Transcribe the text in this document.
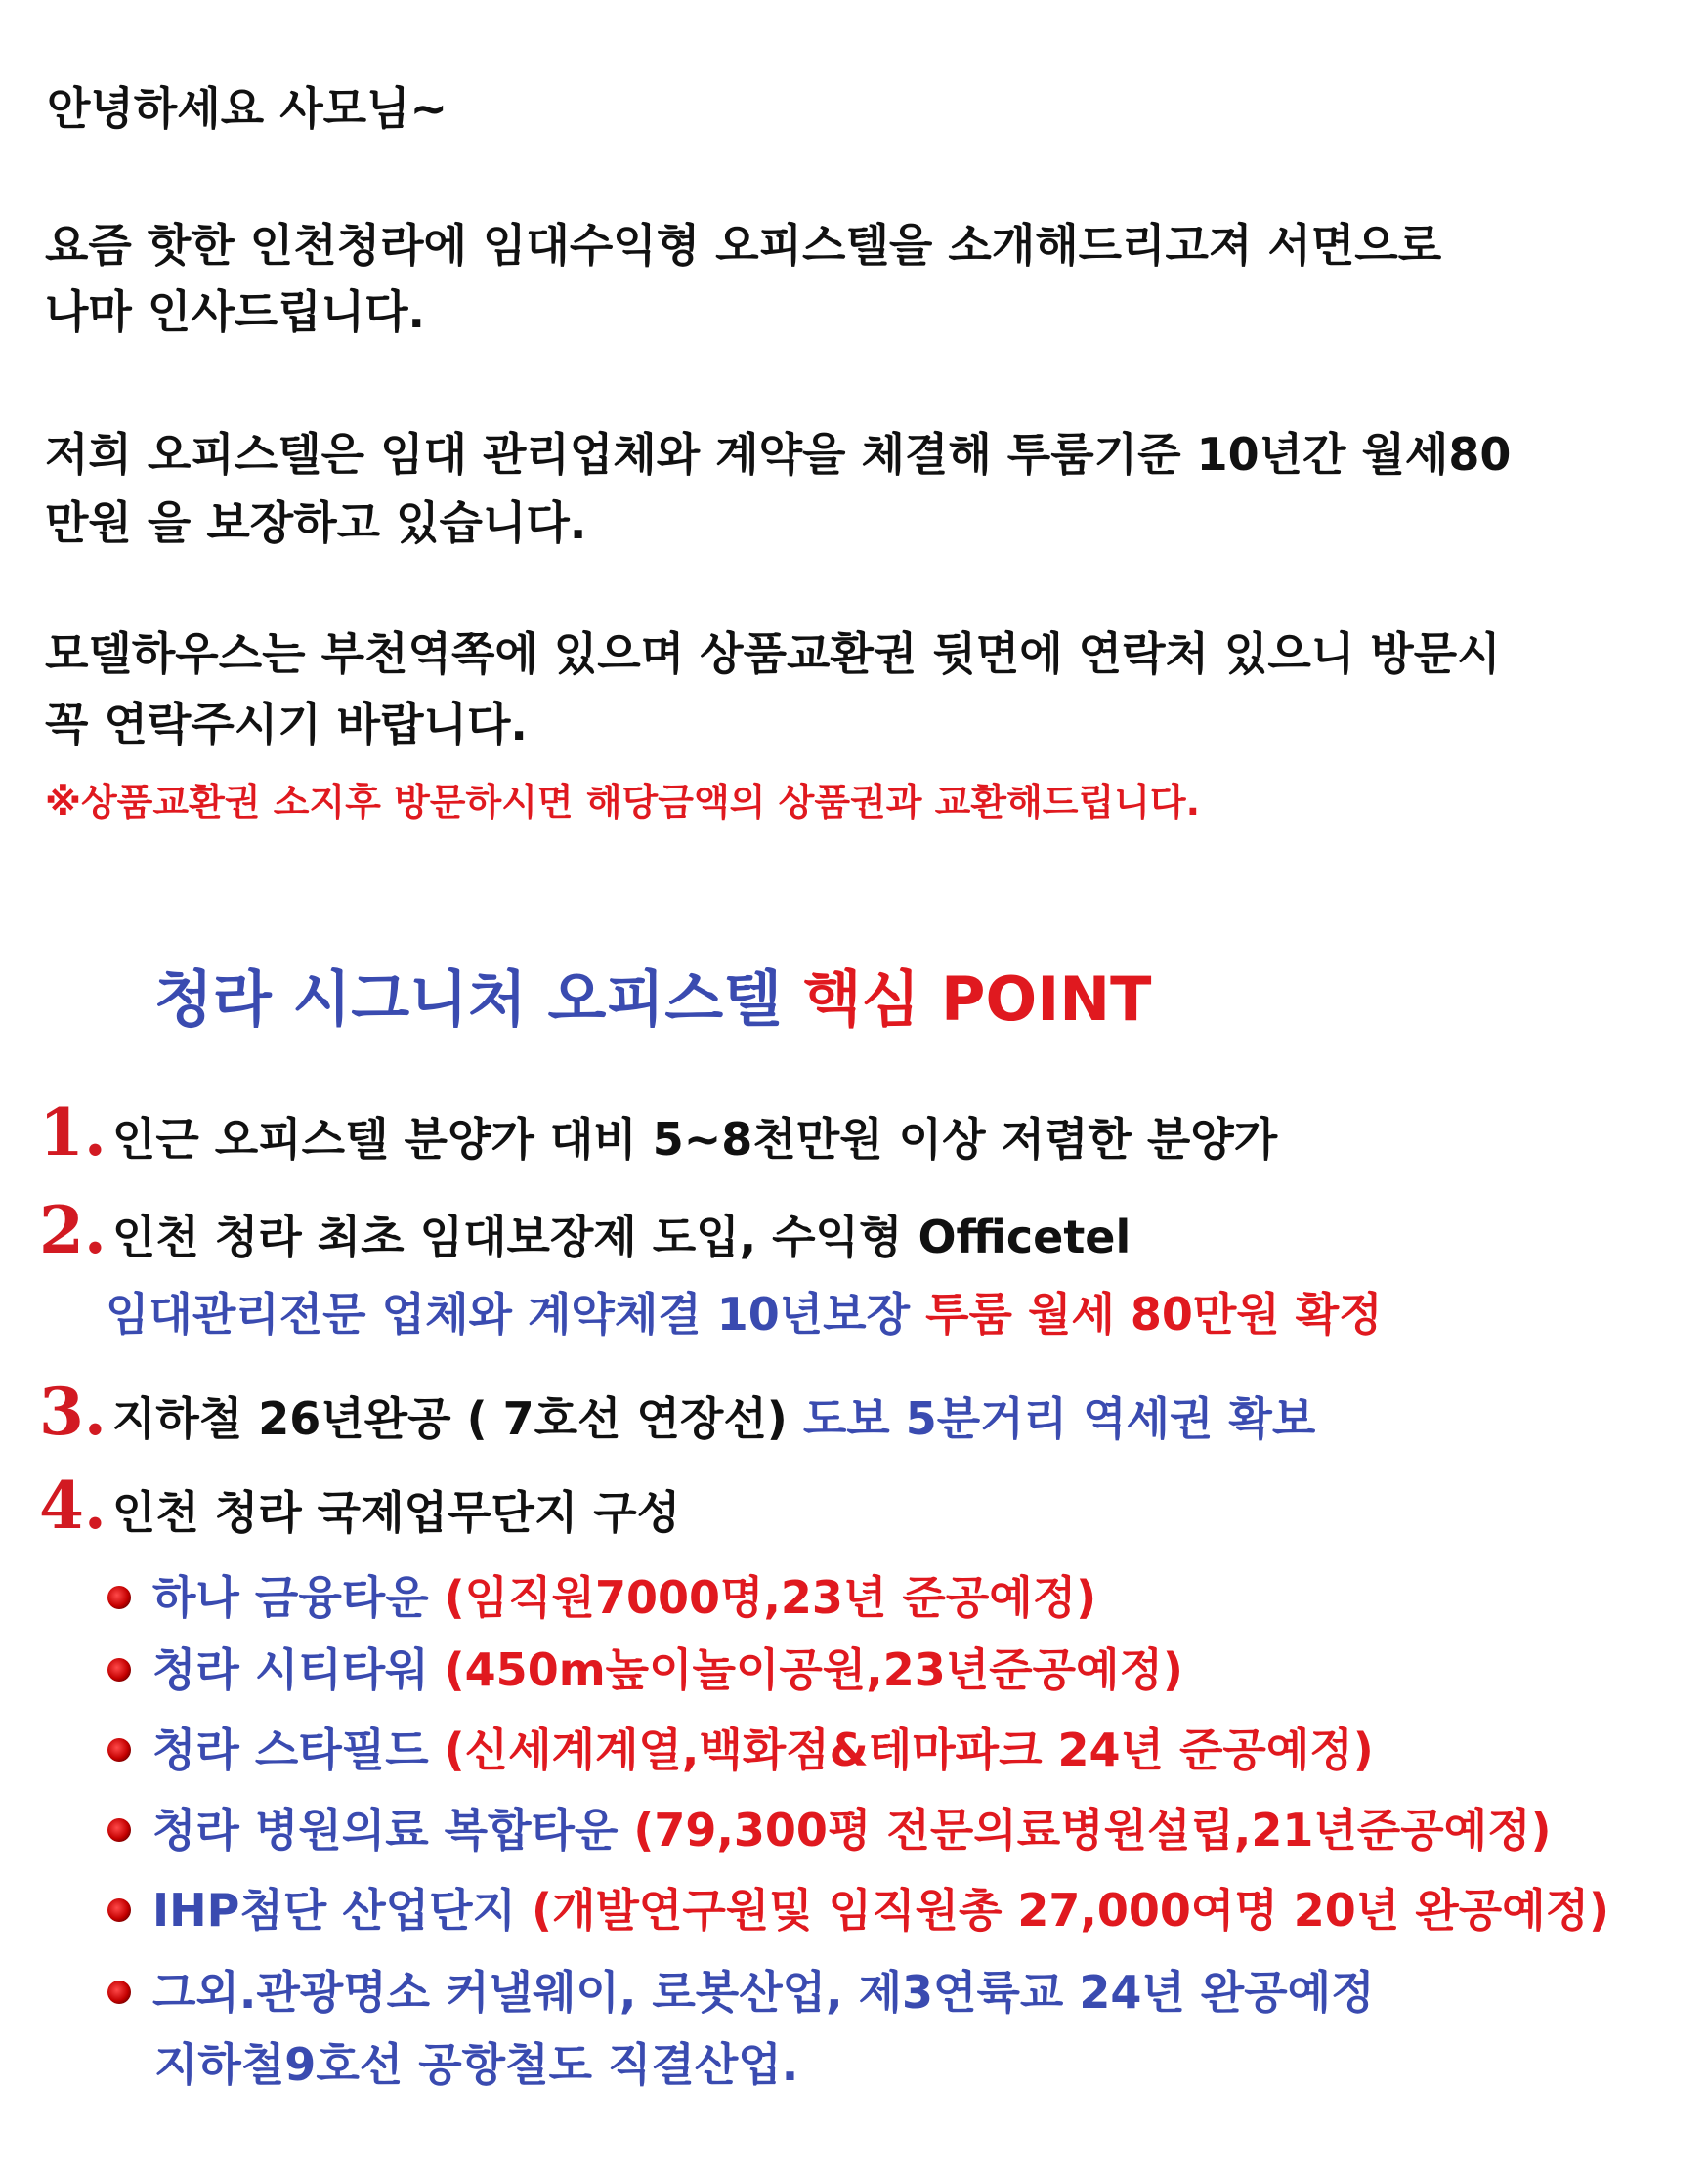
안녕하세요 사모님~
요즘 핫한 인천청라에 임대수익형 오피스텔을 소개해드리고져 서면으로
나마 인사드립니다.
저희 오피스텔은 임대 관리업체와 계약을 체결해 투룸기준 10년간 월세80
만원 을 보장하고 있습니다.
모델하우스는 부천역쪽에 있으며 상품교환권 뒷면에 연락처 있으니 방문시
꼭 연락주시기 바랍니다.
※상품교환권 소지후 방문하시면 해당금액의 상품권과 교환해드립니다.
청라 시그니처 오피스텔 핵심 POINT
1. 인근 오피스텔 분양가 대비 5~8천만원 이상 저렴한 분양가
2. 인천 청라 최초 임대보장제 도입, 수익형 Officetel
임대관리전문 업체와 계약체결 10년보장 투룸 월세 80만원 확정
3. 지하철 26년완공 ( 7호선 연장선) 도보 5분거리 역세권 확보
4. 인천 청라 국제업무단지 구성
하나 금융타운 (임직원7000명,23년 준공예정)
청라 시티타워 (450m높이놀이공원,23년준공예정)
청라 스타필드 (신세계계열,백화점&테마파크 24년 준공예정)
청라 병원의료 복합타운 (79,300평 전문의료병원설립,21년준공예정)
IHP첨단 산업단지 (개발연구원및 임직원총 27,000여명 20년 완공예정)
그외.관광명소 커낼웨이, 로봇산업, 제3연륙교 24년 완공예정
지하철9호선 공항철도 직결산업.
